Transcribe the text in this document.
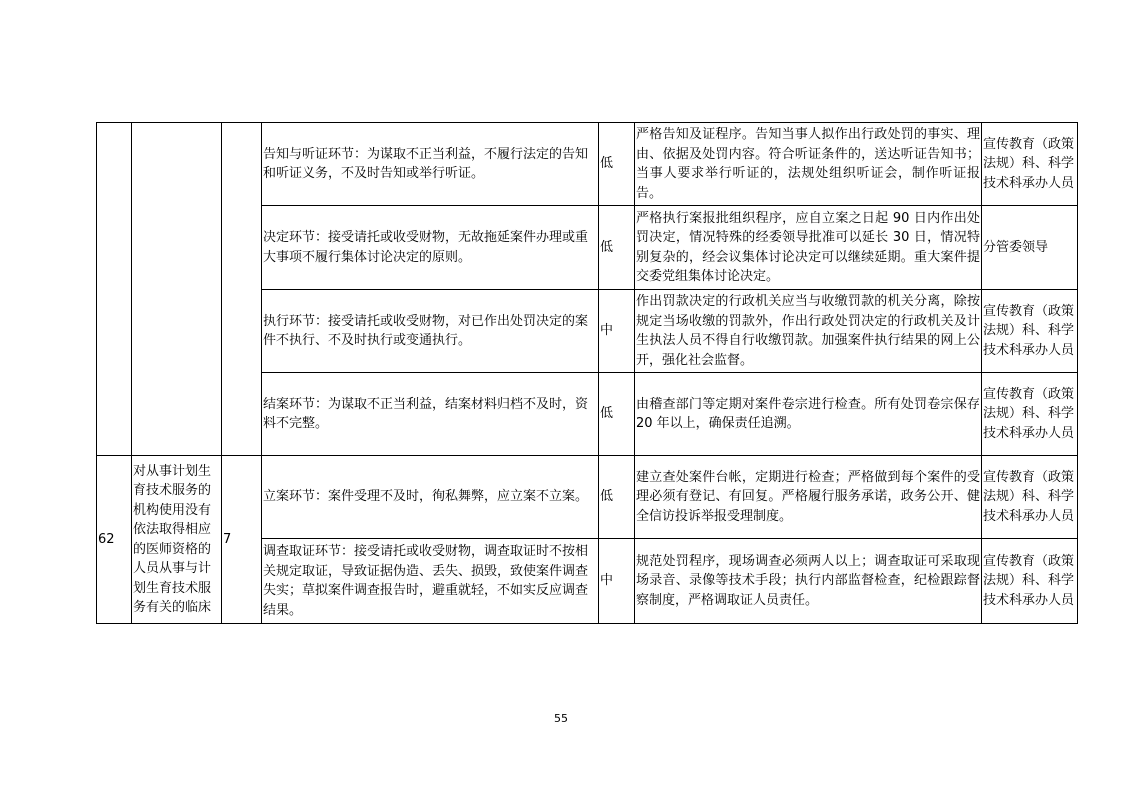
			告知与听证环节：为谋取不正当利益，不履行法定的告知和听证义务，不及时告知或举行听证。	低	严格告知及证程序。告知当事人拟作出行政处罚的事实、理由、依据及处罚内容。符合听证条件的，送达听证告知书；当事人要求举行听证的，法规处组织听证会，制作听证报告。	宣传教育（政策法规）科、科学技术科承办人员
			决定环节：接受请托或收受财物，无故拖延案件办理或重大事项不履行集体讨论决定的原则。	低	严格执行案报批组织程序，应自立案之日起 90 日内作出处罚决定，情况特殊的经委领导批准可以延长 30 日，情况特别复杂的，经会议集体讨论决定可以继续延期。重大案件提交委党组集体讨论决定。	分管委领导
			执行环节：接受请托或收受财物，对已作出处罚决定的案件不执行、不及时执行或变通执行。	中	作出罚款决定的行政机关应当与收缴罚款的机关分离，除按规定当场收缴的罚款外，作出行政处罚决定的行政机关及计生执法人员不得自行收缴罚款。加强案件执行结果的网上公开，强化社会监督。	宣传教育（政策法规）科、科学技术科承办人员
			结案环节：为谋取不正当利益，结案材料归档不及时，资料不完整。	低	由稽查部门等定期对案件卷宗进行检查。所有处罚卷宗保存 20 年以上，确保责任追溯。	宣传教育（政策法规）科、科学技术科承办人员
62	对从事计划生育技术服务的机构使用没有依法取得相应的医师资格的人员从事与计划生育技术服务有关的临床	7	立案环节：案件受理不及时，徇私舞弊，应立案不立案。	低	建立查处案件台帐，定期进行检查；严格做到每个案件的受理必须有登记、有回复。严格履行服务承诺，政务公开、健全信访投诉举报受理制度。	宣传教育（政策法规）科、科学技术科承办人员
			调查取证环节：接受请托或收受财物，调查取证时不按相关规定取证，导致证据伪造、丢失、损毁，致使案件调查失实；草拟案件调查报告时，避重就轻，不如实反应调查结果。	中	规范处罚程序，现场调查必须两人以上；调查取证可采取现场录音、录像等技术手段；执行内部监督检查，纪检跟踪督察制度，严格调取证人员责任。	宣传教育（政策法规）科、科学技术科承办人员
55
